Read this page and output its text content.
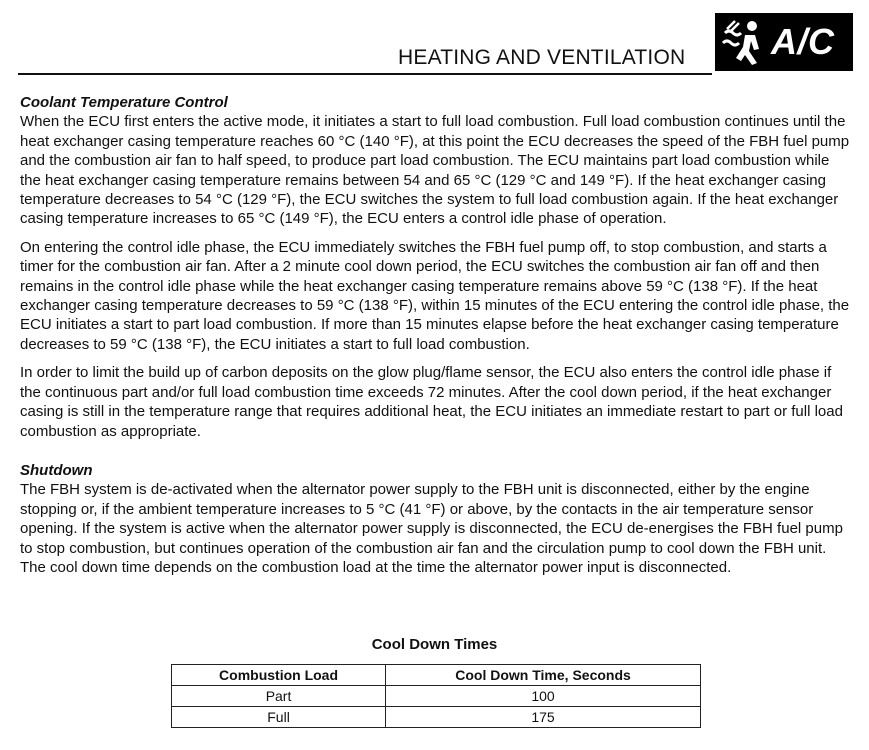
HEATING AND VENTILATION A/C

Coolant Temperature Control

When the ECU first enters the active mode, it initiates a start to full load combustion. Full load combustion continues until the heat exchanger casing temperature reaches 60 °C (140 °F), at this point the ECU decreases the speed of the FBH fuel pump and the combustion air fan to half speed, to produce part load combustion. The ECU maintains part load combustion while the heat exchanger casing temperature remains between 54 and 65 °C (129 °C and 149 °F). If the heat exchanger casing temperature decreases to 54 °C (129 °F), the ECU switches the system to full load combustion again. If the heat exchanger casing temperature increases to 65 °C (149 °F), the ECU enters a control idle phase of operation.

On entering the control idle phase, the ECU immediately switches the FBH fuel pump off, to stop combustion, and starts a timer for the combustion air fan. After a 2 minute cool down period, the ECU switches the combustion air fan off and then remains in the control idle phase while the heat exchanger casing temperature remains above 59 °C (138 °F). If the heat exchanger casing temperature decreases to 59 °C (138 °F), within 15 minutes of the ECU entering the control idle phase, the ECU initiates a start to part load combustion. If more than 15 minutes elapse before the heat exchanger casing temperature decreases to 59 °C (138 °F), the ECU initiates a start to full load combustion.

In order to limit the build up of carbon deposits on the glow plug/flame sensor, the ECU also enters the control idle phase if the continuous part and/or full load combustion time exceeds 72 minutes. After the cool down period, if the heat exchanger casing is still in the temperature range that requires additional heat, the ECU initiates an immediate restart to part or full load combustion as appropriate.

Shutdown

The FBH system is de-activated when the alternator power supply to the FBH unit is disconnected, either by the engine stopping or, if the ambient temperature increases to 5 °C (41 °F) or above, by the contacts in the air temperature sensor opening. If the system is active when the alternator power supply is disconnected, the ECU de-energises the FBH fuel pump to stop combustion, but continues operation of the combustion air fan and the circulation pump to cool down the FBH unit. The cool down time depends on the combustion load at the time the alternator power input is disconnected.

Cool Down Times
Combustion Load	Cool Down Time, Seconds
Part	100
Full	175
